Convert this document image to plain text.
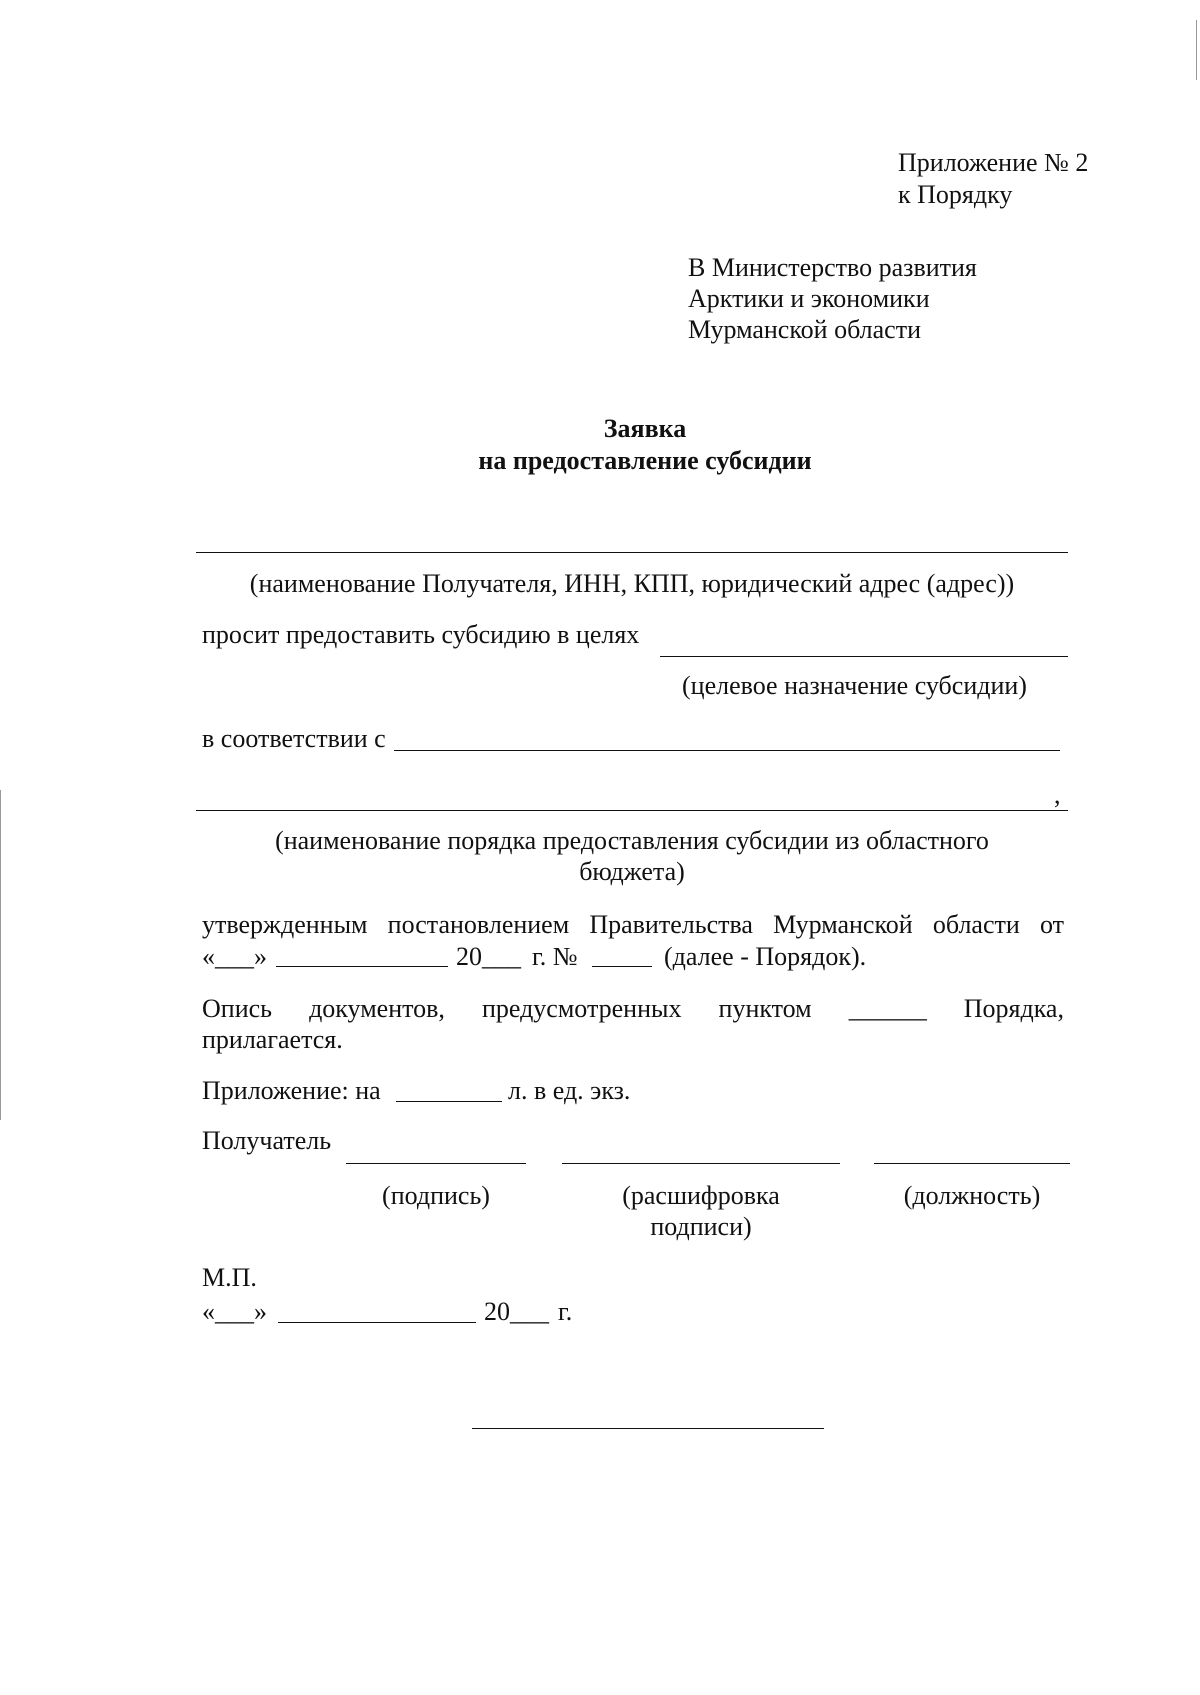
Приложение № 2
к Порядку
В Министерство развития
Арктики и экономики
Мурманской области
Заявка
на предоставление субсидии
(наименование Получателя, ИНН, КПП, юридический адрес (адрес))
просит предоставить субсидию в целях
(целевое назначение субсидии)
в соответствии с
,
(наименование порядка предоставления субсидии из областного
бюджета)
утвержденным постановлением Правительства Мурманской области от
«___»	20___ г. №	(далее - Порядок).
Опись документов, предусмотренных пунктом ______ Порядка,
прилагается.
Приложение: на	л. в ед. экз.
Получатель
(подпись)	(расшифровка
подписи)
(должность)
М.П.
«___»	20___ г.
